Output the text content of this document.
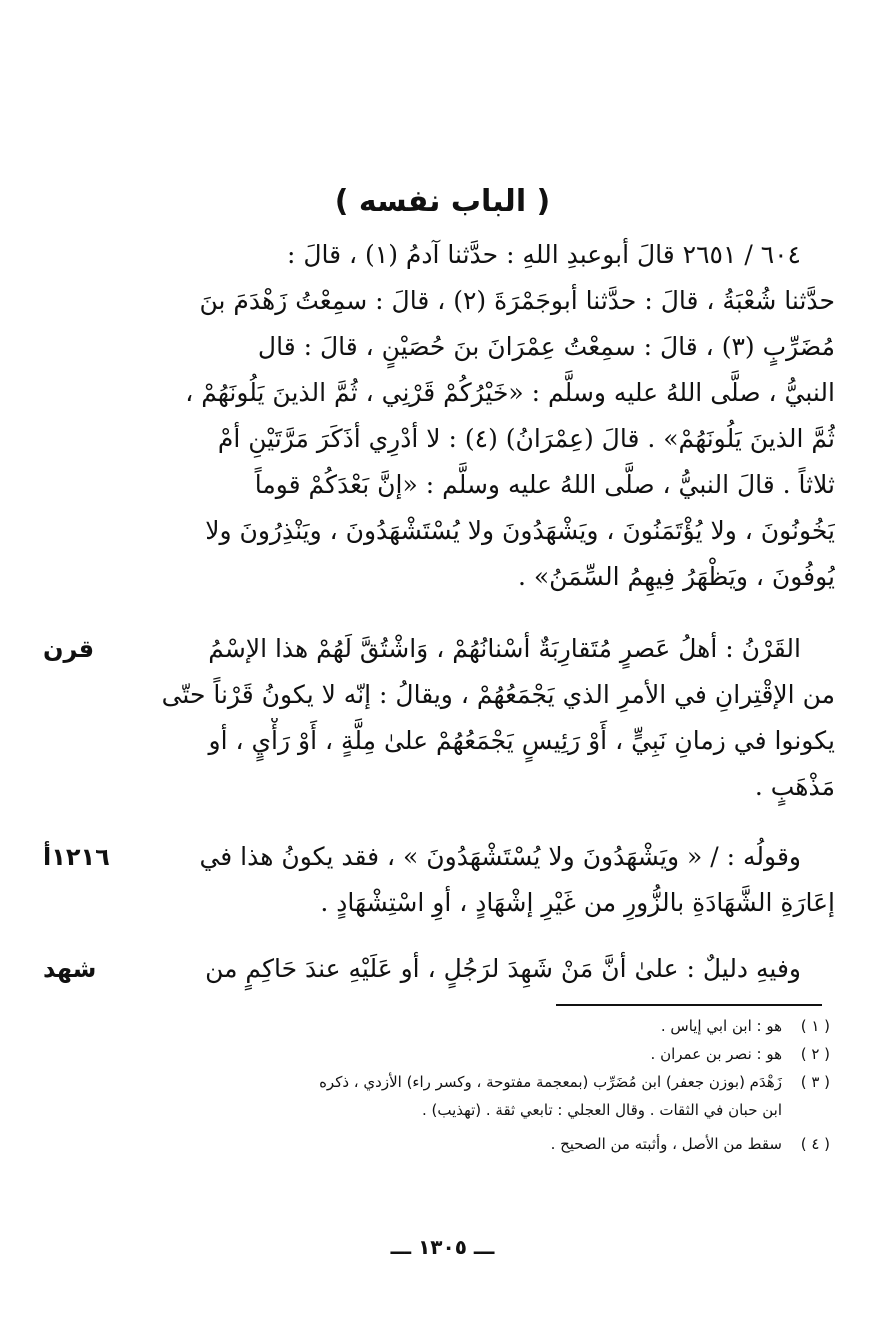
( الباب نفسه )
٦٠٤ / ٢٦٥١ قالَ أبوعبدِ اللهِ : حدَّثنا آدمُ (١) ، قالَ :
حدَّثنا شُعْبَةُ ، قالَ : حدَّثنا أبوجَمْرَةَ (٢) ، قالَ : سمِعْتُ زَهْدَمَ بنَ
مُضَرِّبٍ (٣) ، قالَ : سمِعْتُ عِمْرَانَ بنَ حُصَيْنٍ ، قالَ : قال
النبيُّ ، صلَّى اللهُ عليه وسلَّم : «خَيْرُكُمْ قَرْنِي ، ثُمَّ الذينَ يَلُونَهُمْ ،
ثُمَّ الذينَ يَلُونَهُمْ» . قالَ (عِمْرَانُ) (٤) : لا أدْرِي أذَكَرَ مَرَّتَيْنِ أمْ
ثلاثاً . قالَ النبيُّ ، صلَّى اللهُ عليه وسلَّم : «إنَّ بَعْدَكُمْ قوماً
يَخُونُونَ ، ولا يُؤْتَمَنُونَ ، ويَشْهَدُونَ ولا يُسْتَشْهَدُونَ ، ويَنْذِرُونَ ولا
يُوفُونَ ، ويَظْهَرُ فِيهِمُ السِّمَنُ» .
قرن	القَرْنُ : أهلُ عَصرٍ مُتَقارِبَةٌ أسْنانُهُمْ ، وَاشْتُقَّ لَهُمْ هذا الإسْمُ
من الإقْتِرانِ في الأمرِ الذي يَجْمَعُهُمْ ، ويقالُ : إنّه لا يكونُ قَرْناً حتّى
يكونوا في زمانِ نَبِيٍّ ، أَوْ رَئِيسٍ يَجْمَعُهُمْ علىٰ مِلَّةٍ ، أَوْ رَأْيٍ ، أو
مَذْهَبٍ .
١٢١٦أ	وقولُه : / « ويَشْهَدُونَ ولا يُسْتَشْهَدُونَ » ، فقد يكونُ هذا في
إعَارَةِ الشَّهَادَةِ بالزُّورِ من غَيْرِ إشْهَادٍ ، أوِ اسْتِشْهَادٍ .
شهد	وفيهِ دليلٌ : علىٰ أنَّ مَنْ شَهِدَ لرَجُلٍ ، أو عَلَيْهِ عندَ حَاكِمٍ من
( ١ )هو : ابن ابي إياس .
( ٢ )هو : نصر بن عمران .
( ٣ )زَهْدَم (بوزن جعفر) ابن مُضَرِّب (بمعجمة مفتوحة ، وكسر راء) الأزدي ، ذكره
ابن حبان في الثقات . وقال العجلي : تابعي ثقة . (تهذيب) .
( ٤ )سقط من الأصل ، وأثبته من الصحيح .
ـــ ١٣٠٥ ـــ
